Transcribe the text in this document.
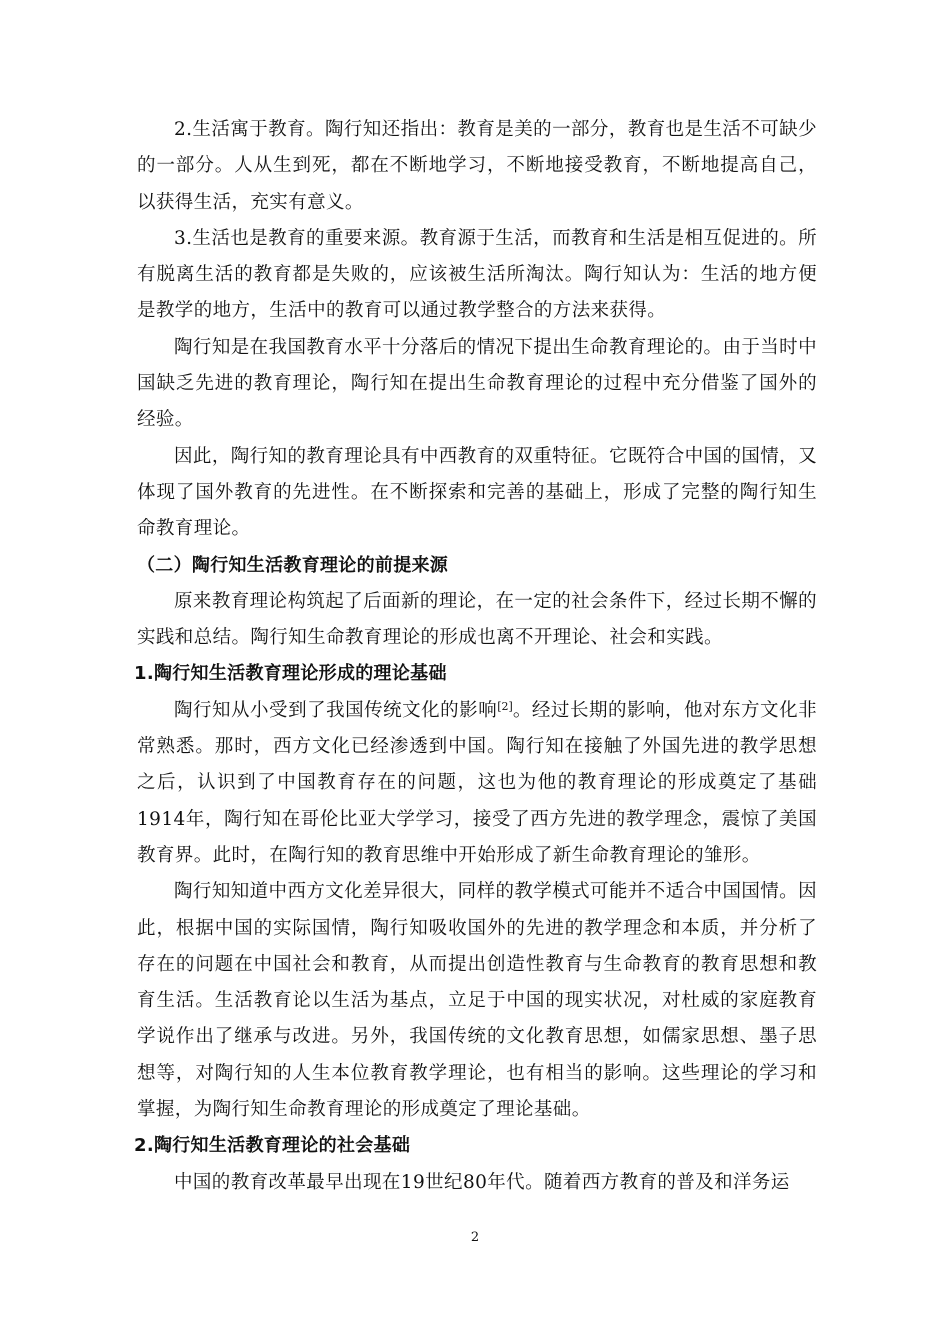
2.生活寓于教育。陶行知还指出：教育是美的一部分，教育也是生活不可缺少的一部分。人从生到死，都在不断地学习，不断地接受教育，不断地提高自己，以获得生活，充实有意义。

3.生活也是教育的重要来源。教育源于生活，而教育和生活是相互促进的。所有脱离生活的教育都是失败的，应该被生活所淘汰。陶行知认为：生活的地方便是教学的地方，生活中的教育可以通过教学整合的方法来获得。

陶行知是在我国教育水平十分落后的情况下提出生命教育理论的。由于当时中国缺乏先进的教育理论，陶行知在提出生命教育理论的过程中充分借鉴了国外的经验。

因此，陶行知的教育理论具有中西教育的双重特征。它既符合中国的国情，又体现了国外教育的先进性。在不断探索和完善的基础上，形成了完整的陶行知生命教育理论。

（二）陶行知生活教育理论的前提来源

原来教育理论构筑起了后面新的理论，在一定的社会条件下，经过长期不懈的实践和总结。陶行知生命教育理论的形成也离不开理论、社会和实践。

1.陶行知生活教育理论形成的理论基础

陶行知从小受到了我国传统文化的影响[2]。经过长期的影响，他对东方文化非常熟悉。那时，西方文化已经渗透到中国。陶行知在接触了外国先进的教学思想之后，认识到了中国教育存在的问题，这也为他的教育理论的形成奠定了基础1914年，陶行知在哥伦比亚大学学习，接受了西方先进的教学理念，震惊了美国教育界。此时，在陶行知的教育思维中开始形成了新生命教育理论的雏形。

陶行知知道中西方文化差异很大，同样的教学模式可能并不适合中国国情。因此，根据中国的实际国情，陶行知吸收国外的先进的教学理念和本质，并分析了存在的问题在中国社会和教育，从而提出创造性教育与生命教育的教育思想和教育生活。生活教育论以生活为基点，立足于中国的现实状况，对杜威的家庭教育学说作出了继承与改进。另外，我国传统的文化教育思想，如儒家思想、墨子思想等，对陶行知的人生本位教育教学理论，也有相当的影响。这些理论的学习和掌握，为陶行知生命教育理论的形成奠定了理论基础。

2.陶行知生活教育理论的社会基础

中国的教育改革最早出现在19世纪80年代。随着西方教育的普及和洋务运

2
